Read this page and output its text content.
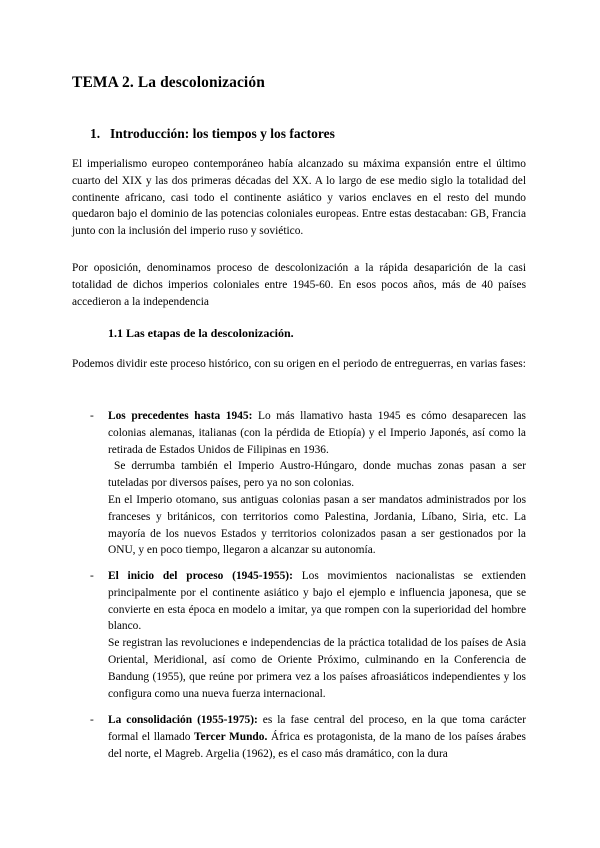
TEMA 2. La descolonización
1. Introducción: los tiempos y los factores

El imperialismo europeo contemporáneo había alcanzado su máxima expansión entre el último cuarto del XIX y las dos primeras décadas del XX. A lo largo de ese medio siglo la totalidad del continente africano, casi todo el continente asiático y varios enclaves en el resto del mundo quedaron bajo el dominio de las potencias coloniales europeas. Entre estas destacaban: GB, Francia junto con la inclusión del imperio ruso y soviético.

Por oposición, denominamos proceso de descolonización a la rápida desaparición de la casi totalidad de dichos imperios coloniales entre 1945-60. En esos pocos años, más de 40 países accedieron a la independencia

1.1 Las etapas de la descolonización.

Podemos dividir este proceso histórico, con su origen en el periodo de entreguerras, en varias fases:

-	Los precedentes hasta 1945: Lo más llamativo hasta 1945 es cómo desaparecen las colonias alemanas, italianas (con la pérdida de Etiopía) y el Imperio Japonés, así como la retirada de Estados Unidos de Filipinas en 1936.

Se derrumba también el Imperio Austro-Húngaro, donde muchas zonas pasan a ser tuteladas por diversos países, pero ya no son colonias.

En el Imperio otomano, sus antiguas colonias pasan a ser mandatos administrados por los franceses y británicos, con territorios como Palestina, Jordania, Líbano, Siria, etc. La mayoría de los nuevos Estados y territorios colonizados pasan a ser gestionados por la ONU, y en poco tiempo, llegaron a alcanzar su autonomía.

-	El inicio del proceso (1945-1955): Los movimientos nacionalistas se extienden principalmente por el continente asiático y bajo el ejemplo e influencia japonesa, que se convierte en esta época en modelo a imitar, ya que rompen con la superioridad del hombre blanco.

Se registran las revoluciones e independencias de la práctica totalidad de los países de Asia Oriental, Meridional, así como de Oriente Próximo, culminando en la Conferencia de Bandung (1955), que reúne por primera vez a los países afroasiáticos independientes y los configura como una nueva fuerza internacional.

-	La consolidación (1955-1975): es la fase central del proceso, en la que toma carácter formal el llamado Tercer Mundo. África es protagonista, de la mano de los países árabes del norte, el Magreb. Argelia (1962), es el caso más dramático, con la dura
